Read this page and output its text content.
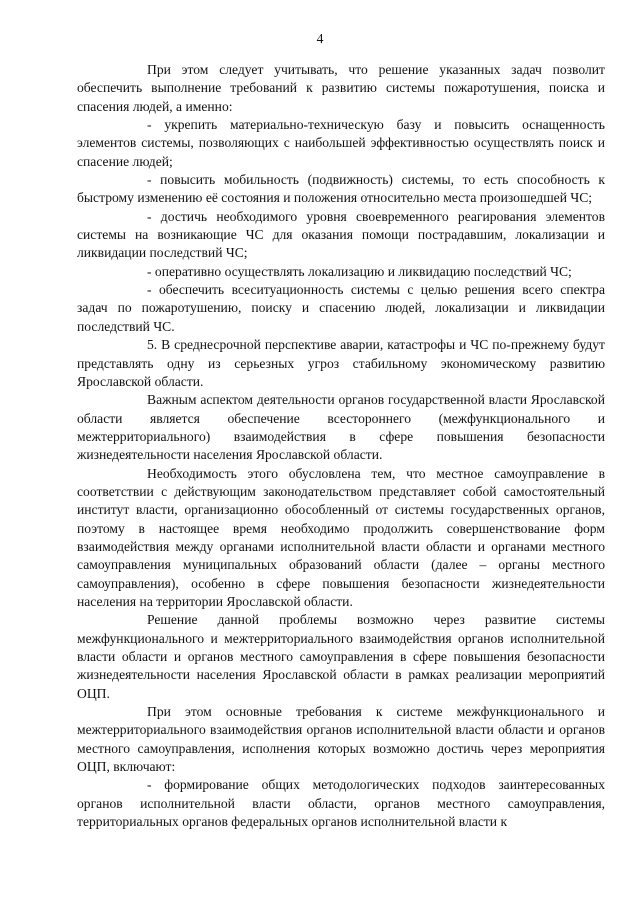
4

При этом следует учитывать, что решение указанных задач позволит обеспечить выполнение требований к развитию системы пожаротушения, поиска и спасения людей, а именно:

- укрепить материально-техническую базу и повысить оснащенность элементов системы, позволяющих с наибольшей эффективностью осуществлять поиск и спасение людей;

- повысить мобильность (подвижность) системы, то есть способность к быстрому изменению её состояния и положения относительно места произошедшей ЧС;

- достичь необходимого уровня своевременного реагирования элементов системы на возникающие ЧС для оказания помощи пострадавшим, локализации и ликвидации последствий ЧС;

- оперативно осуществлять локализацию и ликвидацию последствий ЧС;

- обеспечить всеситуационность системы с целью решения всего спектра задач по пожаротушению, поиску и спасению людей, локализации и ликвидации последствий ЧС.

5. В среднесрочной перспективе аварии, катастрофы и ЧС по-прежнему будут представлять одну из серьезных угроз стабильному экономическому развитию Ярославской области.

Важным аспектом деятельности органов государственной власти Ярославской области является обеспечение всестороннего (межфункционального и межтерриториального) взаимодействия в сфере повышения безопасности жизнедеятельности населения Ярославской области.

Необходимость этого обусловлена тем, что местное самоуправление в соответствии с действующим законодательством представляет собой самостоятельный институт власти, организационно обособленный от системы государственных органов, поэтому в настоящее время необходимо продолжить совершенствование форм взаимодействия между органами исполнительной власти области и органами местного самоуправления муниципальных образований области (далее – органы местного самоуправления), особенно в сфере повышения безопасности жизнедеятельности населения на территории Ярославской области.

Решение данной проблемы возможно через развитие системы межфункционального и межтерриториального взаимодействия органов исполнительной власти области и органов местного самоуправления в сфере повышения безопасности жизнедеятельности населения Ярославской области в рамках реализации мероприятий ОЦП.

При этом основные требования к системе межфункционального и межтерриториального взаимодействия органов исполнительной власти области и органов местного самоуправления, исполнения которых возможно достичь через мероприятия ОЦП, включают:

- формирование общих методологических подходов заинтересованных органов исполнительной власти области, органов местного самоуправления, территориальных органов федеральных органов исполнительной власти к
